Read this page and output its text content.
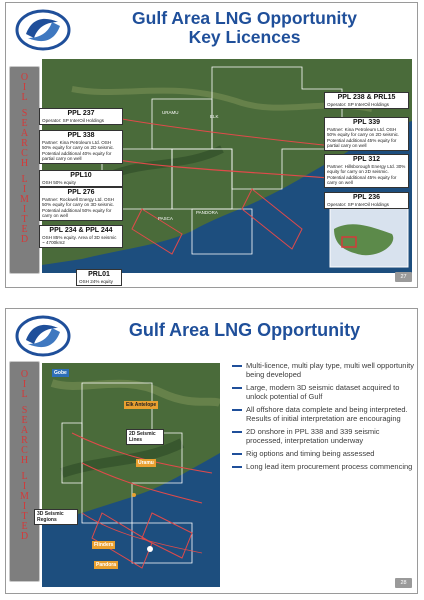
Gulf Area LNG Opportunity
Key Licences
O
I
L
S
E
A
R
C
H
L
I
M
I
T
E
D
URAMU
PANDORA
PASCA
ELK
PPL 237
Operator: SP InterOil Holdings
PPL 338
Partner: Kina Petroleum Ltd. OSH 50% equity for carry on 2D seismic. Potential additional 40% equity for partial carry on well
PPL10
OSH 50% equity
PPL 276
Partner: Rockwell Energy Ltd. OSH 50% equity for carry on 3D seismic. Potential additional 50% equity for carry on well
PPL 234 & PPL 244
OSH 85% equity. Area of 3D seismic ~ 4700km2
PRL01
OSH 24% equity
PPL 238 & PRL15
Operator: SP InterOil Holdings
PPL 339
Partner: Kina Petroleum Ltd. OSH 50% equity for carry on 2D seismic. Potential additional 45% equity for partial carry on well
PPL 312
Partner: Hillsborough Energy Ltd. 30% equity for carry on 2D seismic. Potential additional 45% equity for carry on well
PPL 236
Operator: SP InterOil Holdings
27
Gulf Area LNG Opportunity
O
I
L
S
E
A
R
C
H
L
I
M
I
T
E
D
Gobe
Elk Antelope
2D Seismic Lines
Uramu
3D Seismic Regions
Flinders
Pandora
Multi-licence, multi play type, multi well opportunity being developed
Large, modern 3D seismic dataset acquired to unlock potential of Gulf
All offshore data complete and being interpreted. Results of initial interpretation are encouraging
2D onshore in PPL 338 and 339 seismic processed, interpretation underway
Rig options and timing being assessed
Long lead item procurement process commencing
28
